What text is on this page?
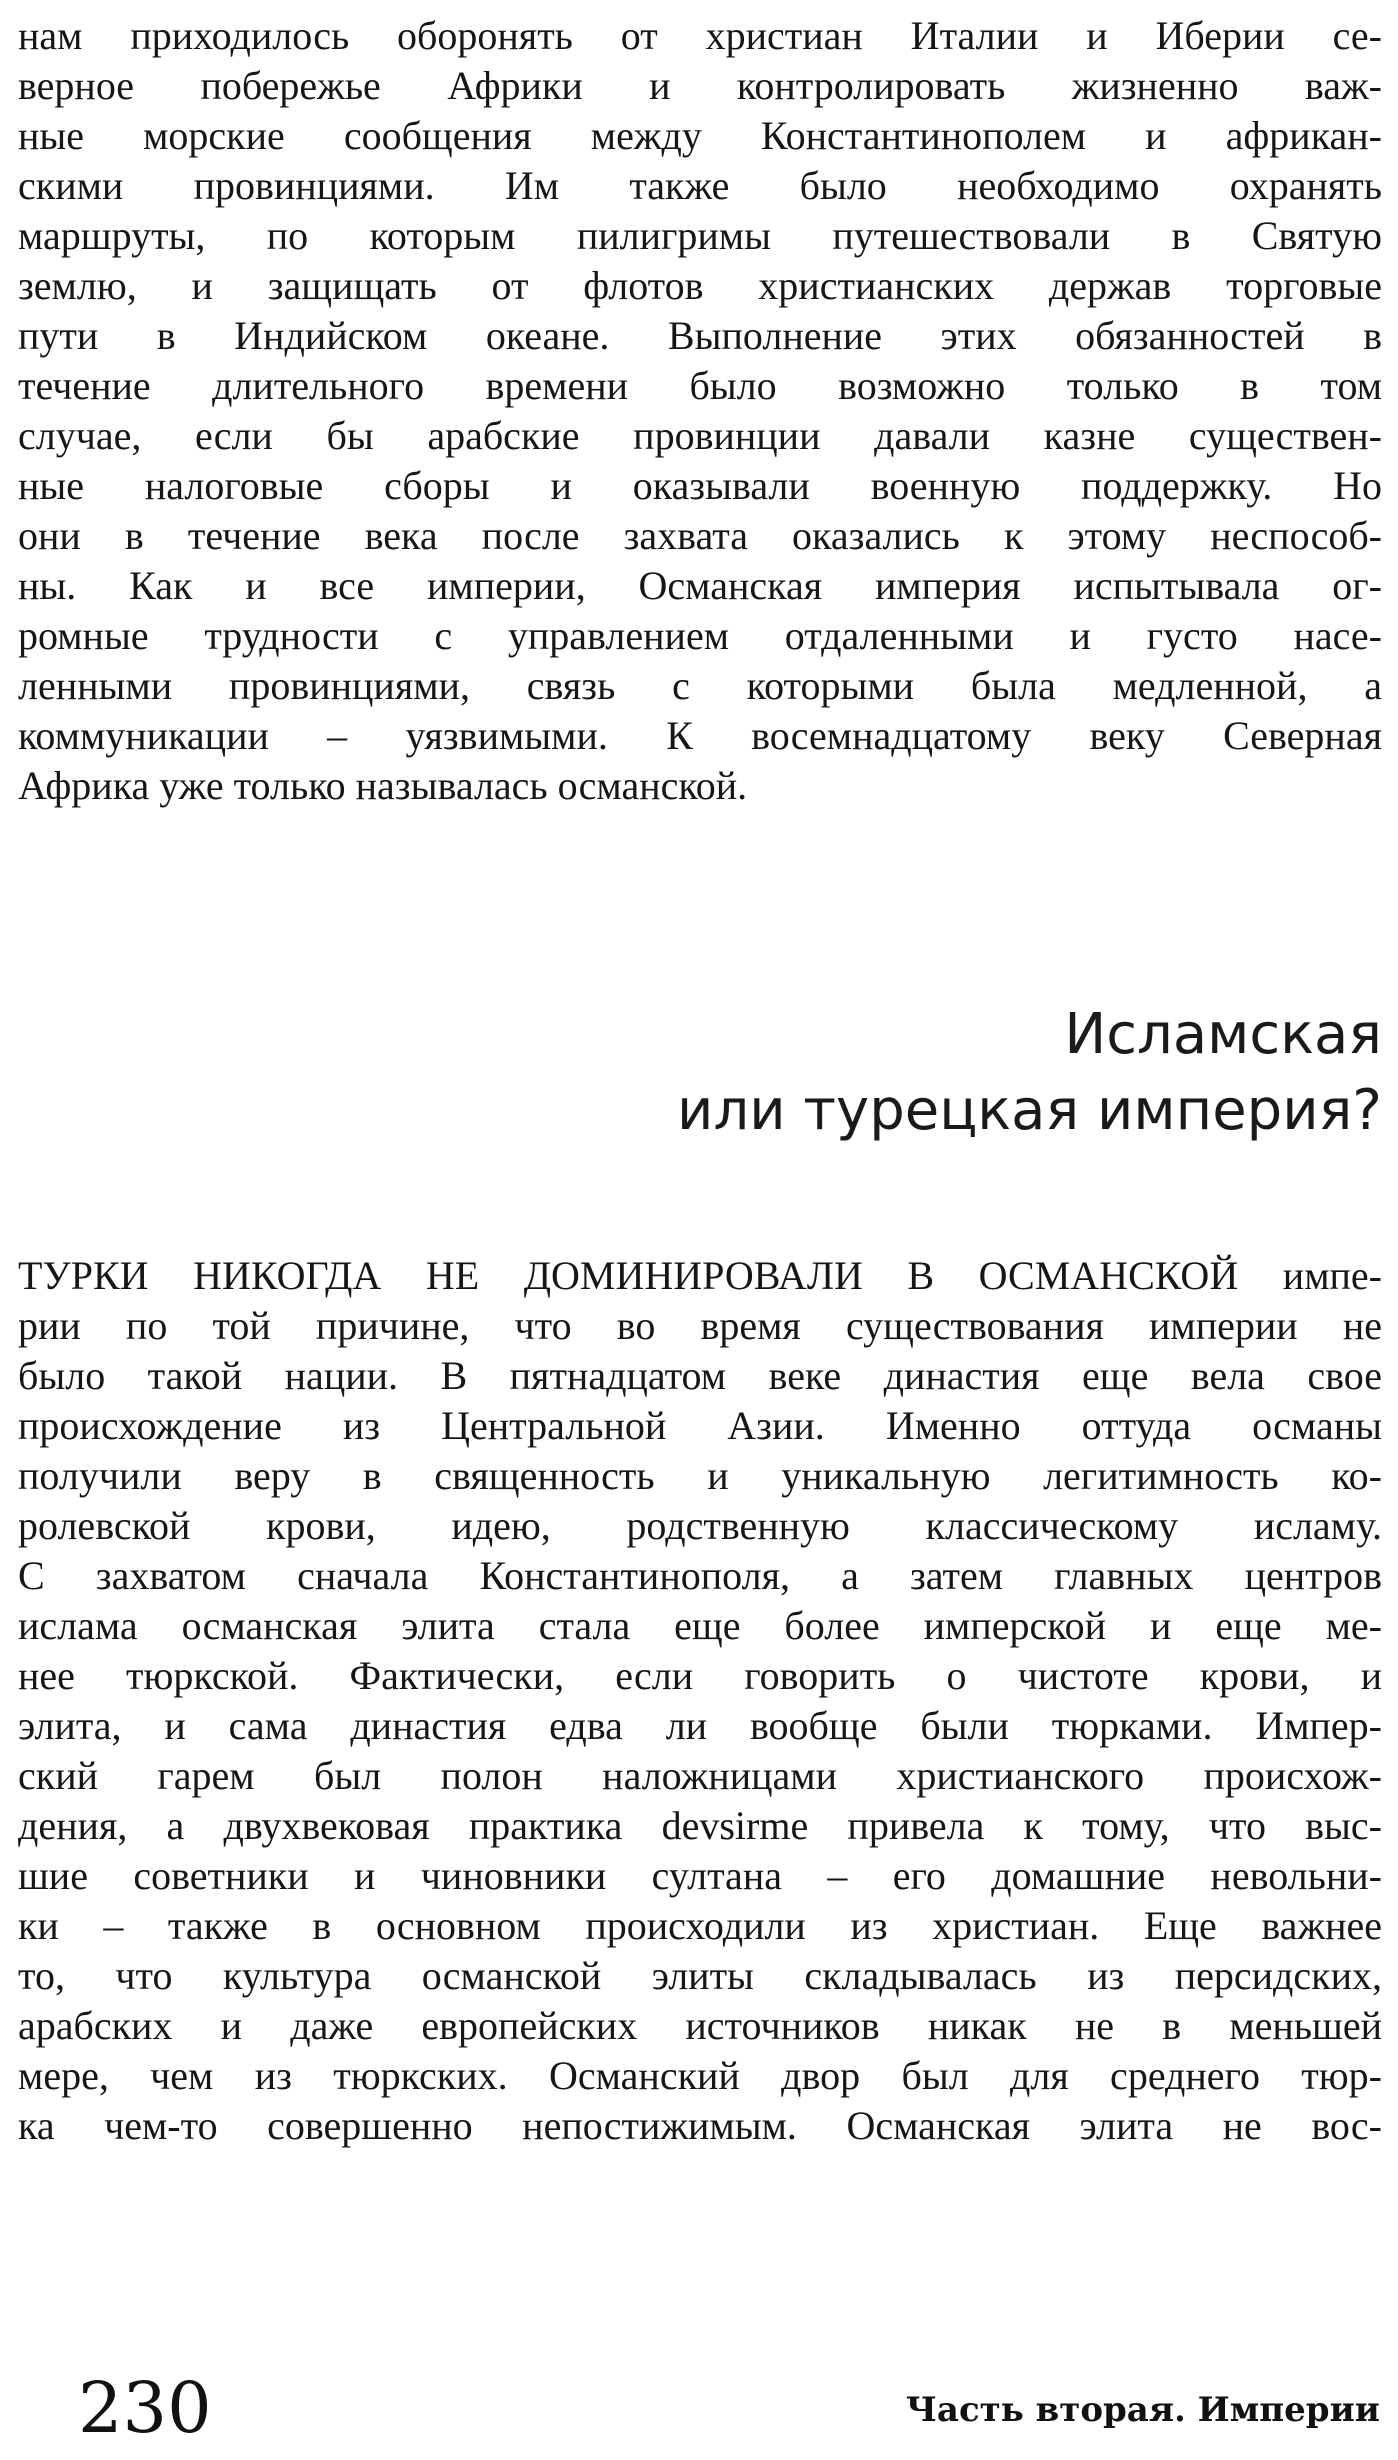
нам приходилось оборонять от христиан Италии и Иберии се-
верное побережье Африки и контролировать жизненно важ-
ные морские сообщения между Константинополем и африкан-
скими провинциями. Им также было необходимо охранять
маршруты, по которым пилигримы путешествовали в Святую
землю, и защищать от флотов христианских держав торговые
пути в Индийском океане. Выполнение этих обязанностей в
течение длительного времени было возможно только в том
случае, если бы арабские провинции давали казне существен-
ные налоговые сборы и оказывали военную поддержку. Но
они в течение века после захвата оказались к этому неспособ-
ны. Как и все империи, Османская империя испытывала ог-
ромные трудности с управлением отдаленными и густо насе-
ленными провинциями, связь с которыми была медленной, а
коммуникации – уязвимыми. К восемнадцатому веку Северная
Африка уже только называлась османской.
Исламская
или турецкая империя?
ТУРКИ НИКОГДА НЕ ДОМИНИРОВАЛИ В ОСМАНСКОЙ импе-
рии по той причине, что во время существования империи не
было такой нации. В пятнадцатом веке династия еще вела свое
происхождение из Центральной Азии. Именно оттуда османы
получили веру в священность и уникальную легитимность ко-
ролевской крови, идею, родственную классическому исламу.
С захватом сначала Константинополя, а затем главных центров
ислама османская элита стала еще более имперской и еще ме-
нее тюркской. Фактически, если говорить о чистоте крови, и
элита, и сама династия едва ли вообще были тюрками. Импер-
ский гарем был полон наложницами христианского происхож-
дения, а двухвековая практика devsirme привела к тому, что выс-
шие советники и чиновники султана – его домашние невольни-
ки – также в основном происходили из христиан. Еще важнее
то, что культура османской элиты складывалась из персидских,
арабских и даже европейских источников никак не в меньшей
мере, чем из тюркских. Османский двор был для среднего тюр-
ка чем-то совершенно непостижимым. Османская элита не вос-
230	Часть вторая. Империи
